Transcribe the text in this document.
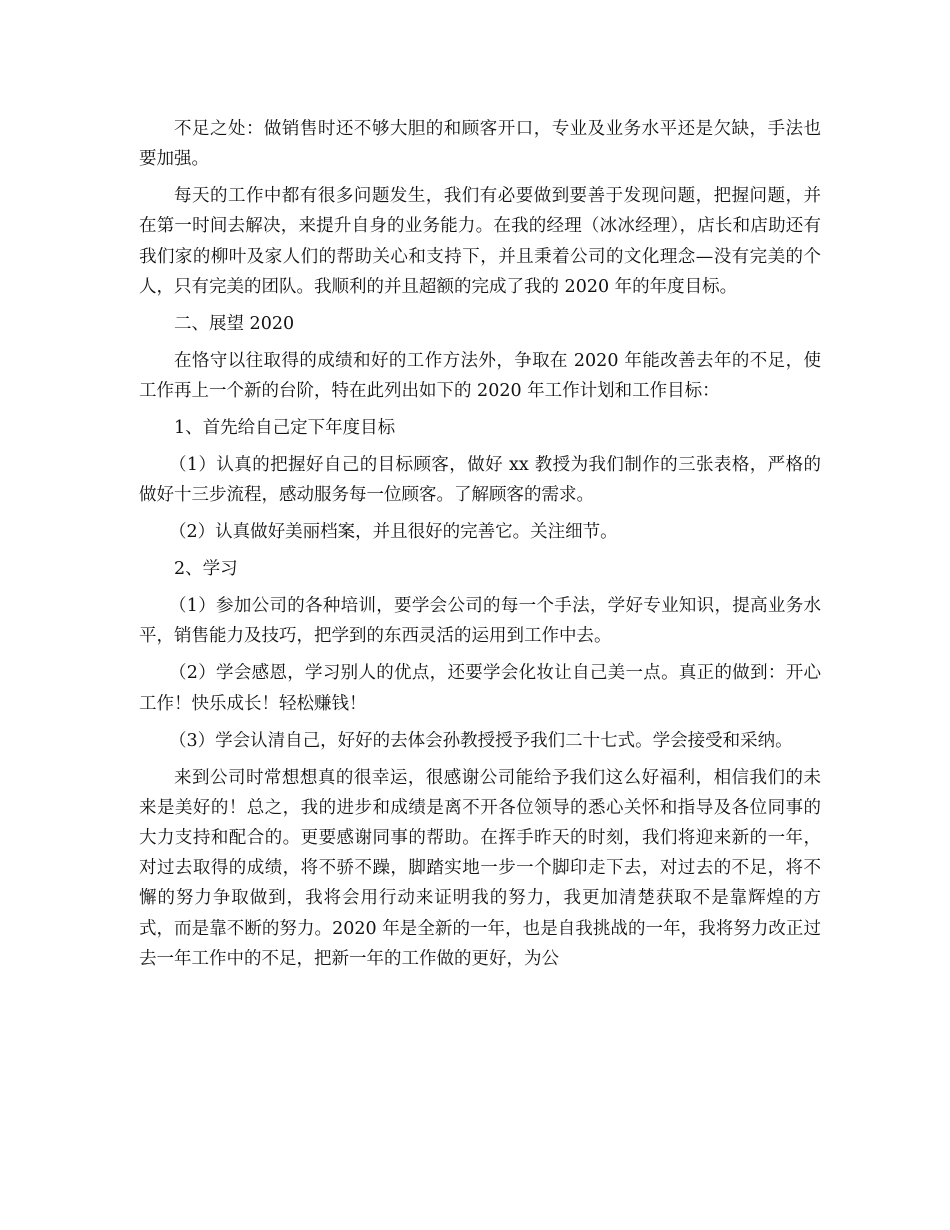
不足之处：做销售时还不够大胆的和顾客开口，专业及业务水平还是欠缺，手法也要加强。

每天的工作中都有很多问题发生，我们有必要做到要善于发现问题，把握问题，并在第一时间去解决，来提升自身的业务能力。在我的经理（冰冰经理），店长和店助还有我们家的柳叶及家人们的帮助关心和支持下，并且秉着公司的文化理念—没有完美的个人，只有完美的团队。我顺利的并且超额的完成了我的 2020 年的年度目标。

二、展望 2020

在恪守以往取得的成绩和好的工作方法外，争取在 2020 年能改善去年的不足，使工作再上一个新的台阶，特在此列出如下的 2020 年工作计划和工作目标：

1、首先给自己定下年度目标

（1）认真的把握好自己的目标顾客，做好 xx 教授为我们制作的三张表格，严格的做好十三步流程，感动服务每一位顾客。了解顾客的需求。

（2）认真做好美丽档案，并且很好的完善它。关注细节。

2、学习

（1）参加公司的各种培训，要学会公司的每一个手法，学好专业知识，提高业务水平，销售能力及技巧，把学到的东西灵活的运用到工作中去。

（2）学会感恩，学习别人的优点，还要学会化妆让自己美一点。真正的做到：开心工作！快乐成长！轻松赚钱！

（3）学会认清自己，好好的去体会孙教授授予我们二十七式。学会接受和采纳。

来到公司时常想想真的很幸运，很感谢公司能给予我们这么好福利，相信我们的未来是美好的！总之，我的进步和成绩是离不开各位领导的悉心关怀和指导及各位同事的大力支持和配合的。更要感谢同事的帮助。在挥手昨天的时刻，我们将迎来新的一年，对过去取得的成绩，将不骄不躁，脚踏实地一步一个脚印走下去，对过去的不足，将不懈的努力争取做到，我将会用行动来证明我的努力，我更加清楚获取不是靠辉煌的方式，而是靠不断的努力。2020 年是全新的一年，也是自我挑战的一年，我将努力改正过去一年工作中的不足，把新一年的工作做的更好，为公
